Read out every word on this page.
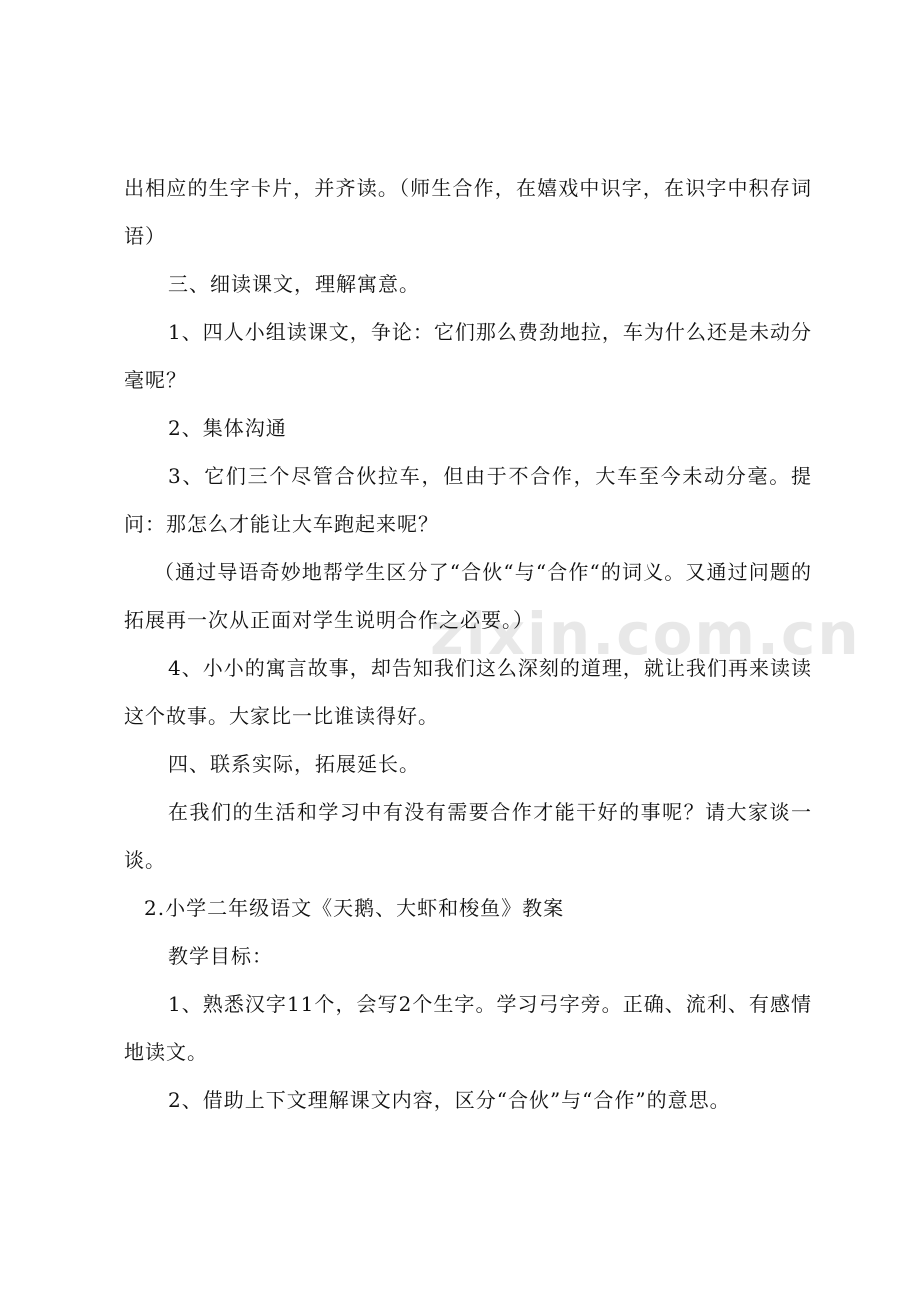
zixin.com.cn

出相应的生字卡片，并齐读。（师生合作，在嬉戏中识字，在识字中积存词语）

三、细读课文，理解寓意。

1、四人小组读课文，争论：它们那么费劲地拉，车为什么还是未动分毫呢？

2、集体沟通

3、它们三个尽管合伙拉车，但由于不合作，大车至今未动分毫。提问：那怎么才能让大车跑起来呢？

（通过导语奇妙地帮学生区分了“合伙“与“合作“的词义。又通过问题的拓展再一次从正面对学生说明合作之必要。）

4、小小的寓言故事，却告知我们这么深刻的道理，就让我们再来读读这个故事。大家比一比谁读得好。

四、联系实际，拓展延长。

在我们的生活和学习中有没有需要合作才能干好的事呢？请大家谈一谈。

2.小学二年级语文《天鹅、大虾和梭鱼》教案

教学目标：

1、熟悉汉字11个，会写2个生字。学习弓字旁。正确、流利、有感情地读文。

2、借助上下文理解课文内容，区分“合伙”与“合作”的意思。
